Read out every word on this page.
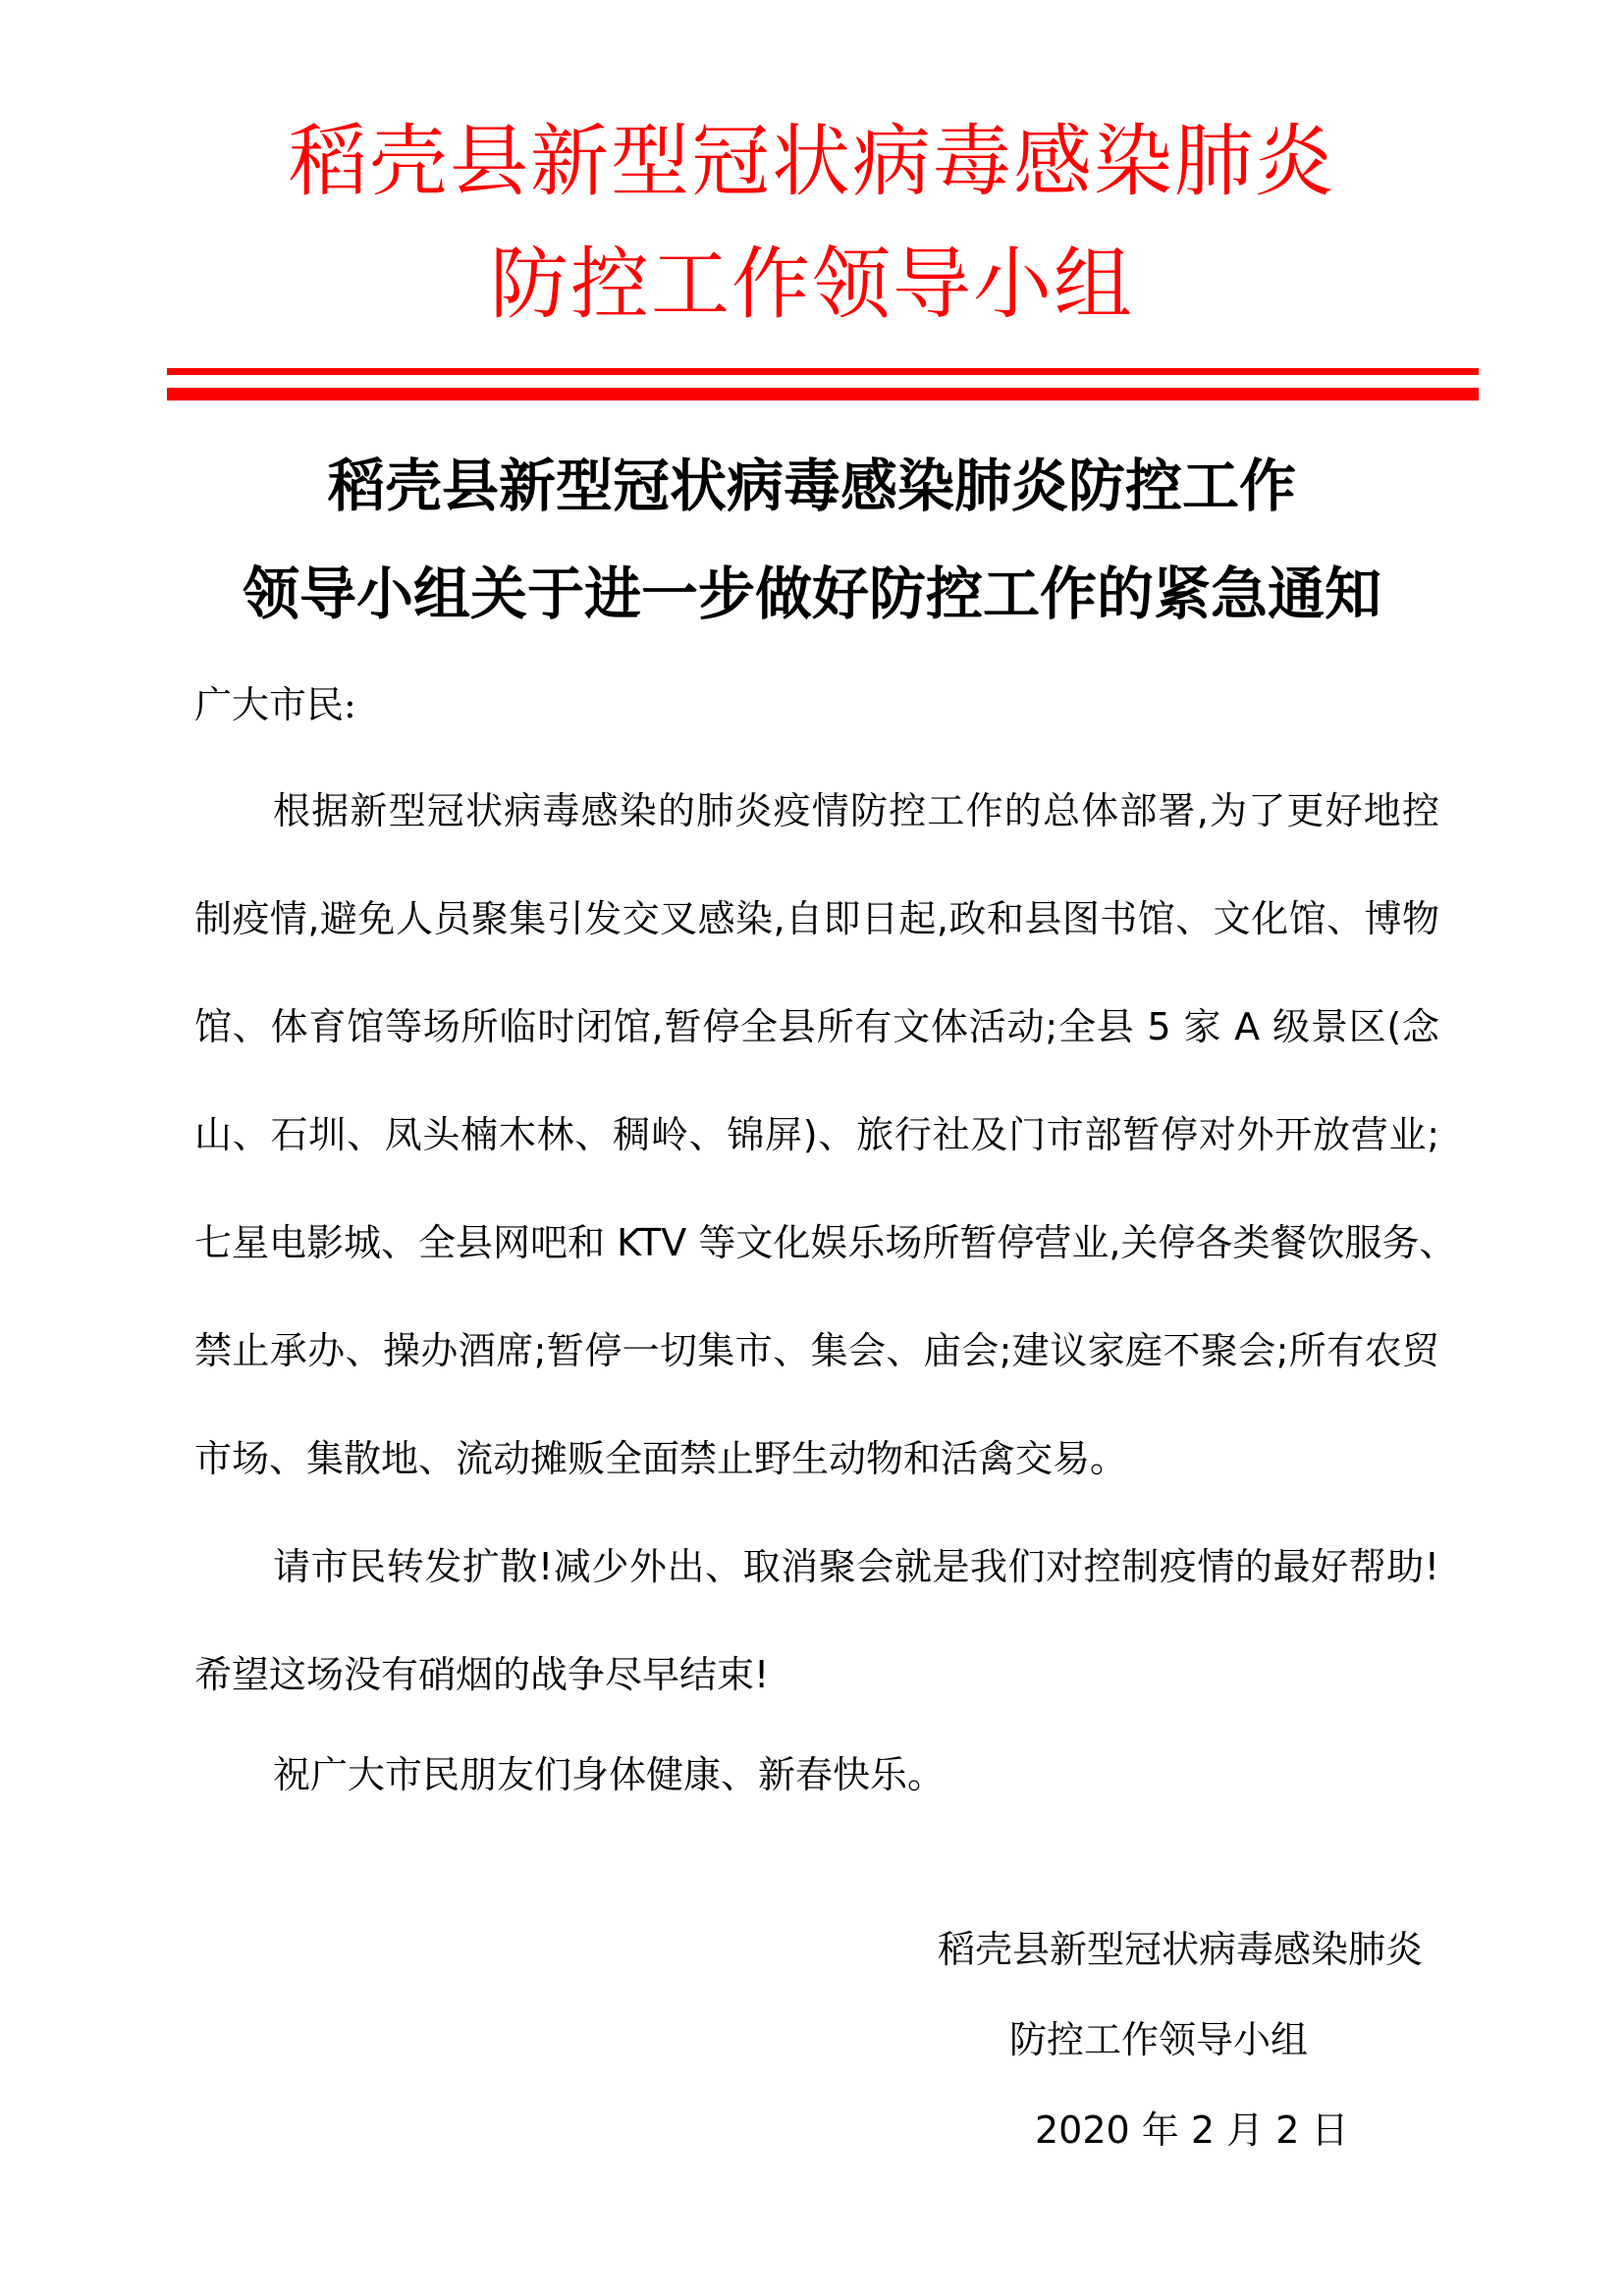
稻壳县新型冠状病毒感染肺炎
防控工作领导小组
稻壳县新型冠状病毒感染肺炎防控工作
领导小组关于进一步做好防控工作的紧急通知
广大市民:
根据新型冠状病毒感染的肺炎疫情防控工作的总体部署,为了更好地控
制疫情,避免人员聚集引发交叉感染,自即日起,政和县图书馆、文化馆、博物
馆、体育馆等场所临时闭馆,暂停全县所有文体活动;全县 5 家 A 级景区(念
山、石圳、凤头楠木林、稠岭、锦屏)、旅行社及门市部暂停对外开放营业;
七星电影城、全县网吧和 KTV 等文化娱乐场所暂停营业,关停各类餐饮服务、
禁止承办、操办酒席;暂停一切集市、集会、庙会;建议家庭不聚会;所有农贸
市场、集散地、流动摊贩全面禁止野生动物和活禽交易。
请市民转发扩散!减少外出、取消聚会就是我们对控制疫情的最好帮助!
希望这场没有硝烟的战争尽早结束!
祝广大市民朋友们身体健康、新春快乐。
稻壳县新型冠状病毒感染肺炎
防控工作领导小组
2020 年 2 月 2 日
